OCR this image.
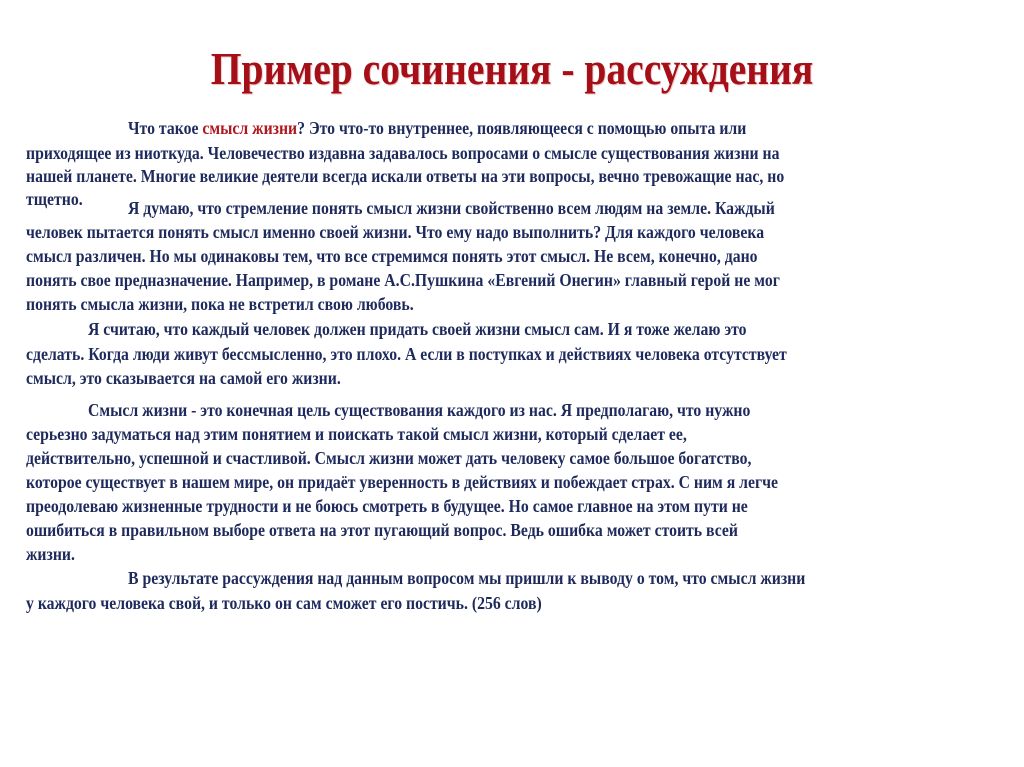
Пример сочинения - рассуждения
Что такое смысл жизни? Это что-то внутреннее, появляющееся с помощью опыта или
приходящее из ниоткуда. Человечество издавна задавалось вопросами о смысле существования жизни на
нашей планете. Многие великие деятели всегда искали ответы на эти вопросы, вечно тревожащие нас, но
тщетно.	Я думаю, что стремление понять смысл жизни свойственно всем людям на земле. Каждый
человек пытается понять смысл именно своей жизни. Что ему надо выполнить? Для каждого человека
смысл различен. Но мы одинаковы тем, что все стремимся понять этот смысл. Не всем, конечно, дано
понять свое предназначение. Например, в романе А.С.Пушкина «Евгений Онегин» главный герой не мог
понять смысла жизни, пока не встретил свою любовь.
Я считаю, что каждый человек должен придать своей жизни смысл сам. И я тоже желаю это
сделать. Когда люди живут бессмысленно, это плохо. А если в поступках и действиях человека отсутствует
смысл, это сказывается на самой его жизни.
Смысл жизни - это конечная цель существования каждого из нас. Я предполагаю, что нужно
серьезно задуматься над этим понятием и поискать такой смысл жизни, который сделает ее,
действительно, успешной и счастливой. Смысл жизни может дать человеку самое большое богатство,
которое существует в нашем мире, он придаёт уверенность в действиях и побеждает страх. С ним я легче
преодолеваю жизненные трудности и не боюсь смотреть в будущее. Но самое главное на этом пути не
ошибиться в правильном выборе ответа на этот пугающий вопрос. Ведь ошибка может стоить всей
жизни.
В результате рассуждения над данным вопросом мы пришли к выводу о том, что смысл жизни
у каждого человека свой, и только он сам сможет его постичь. (256 слов)
